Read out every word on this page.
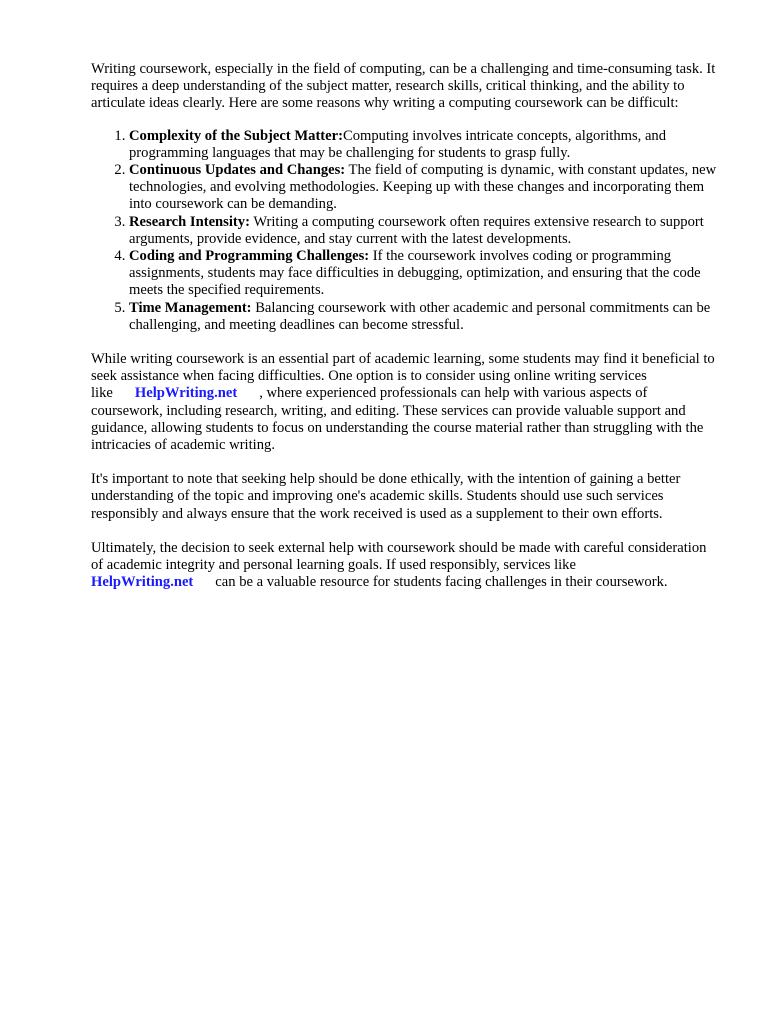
Writing coursework, especially in the field of computing, can be a challenging and time-consuming task. It requires a deep understanding of the subject matter, research skills, critical thinking, and the ability to articulate ideas clearly. Here are some reasons why writing a computing coursework can be difficult:

1. Complexity of the Subject Matter:Computing involves intricate concepts, algorithms, and programming languages that may be challenging for students to grasp fully.
2. Continuous Updates and Changes: The field of computing is dynamic, with constant updates, new technologies, and evolving methodologies. Keeping up with these changes and incorporating them into coursework can be demanding.
3. Research Intensity: Writing a computing coursework often requires extensive research to support arguments, provide evidence, and stay current with the latest developments.
4. Coding and Programming Challenges: If the coursework involves coding or programming assignments, students may face difficulties in debugging, optimization, and ensuring that the code meets the specified requirements.
5. Time Management: Balancing coursework with other academic and personal commitments can be challenging, and meeting deadlines can become stressful.

While writing coursework is an essential part of academic learning, some students may find it beneficial to seek assistance when facing difficulties. One option is to consider using online writing services like HelpWriting.net , where experienced professionals can help with various aspects of coursework, including research, writing, and editing. These services can provide valuable support and guidance, allowing students to focus on understanding the course material rather than struggling with the intricacies of academic writing.

It's important to note that seeking help should be done ethically, with the intention of gaining a better understanding of the topic and improving one's academic skills. Students should use such services responsibly and always ensure that the work received is used as a supplement to their own efforts.

Ultimately, the decision to seek external help with coursework should be made with careful consideration of academic integrity and personal learning goals. If used responsibly, services like HelpWriting.net can be a valuable resource for students facing challenges in their coursework.
